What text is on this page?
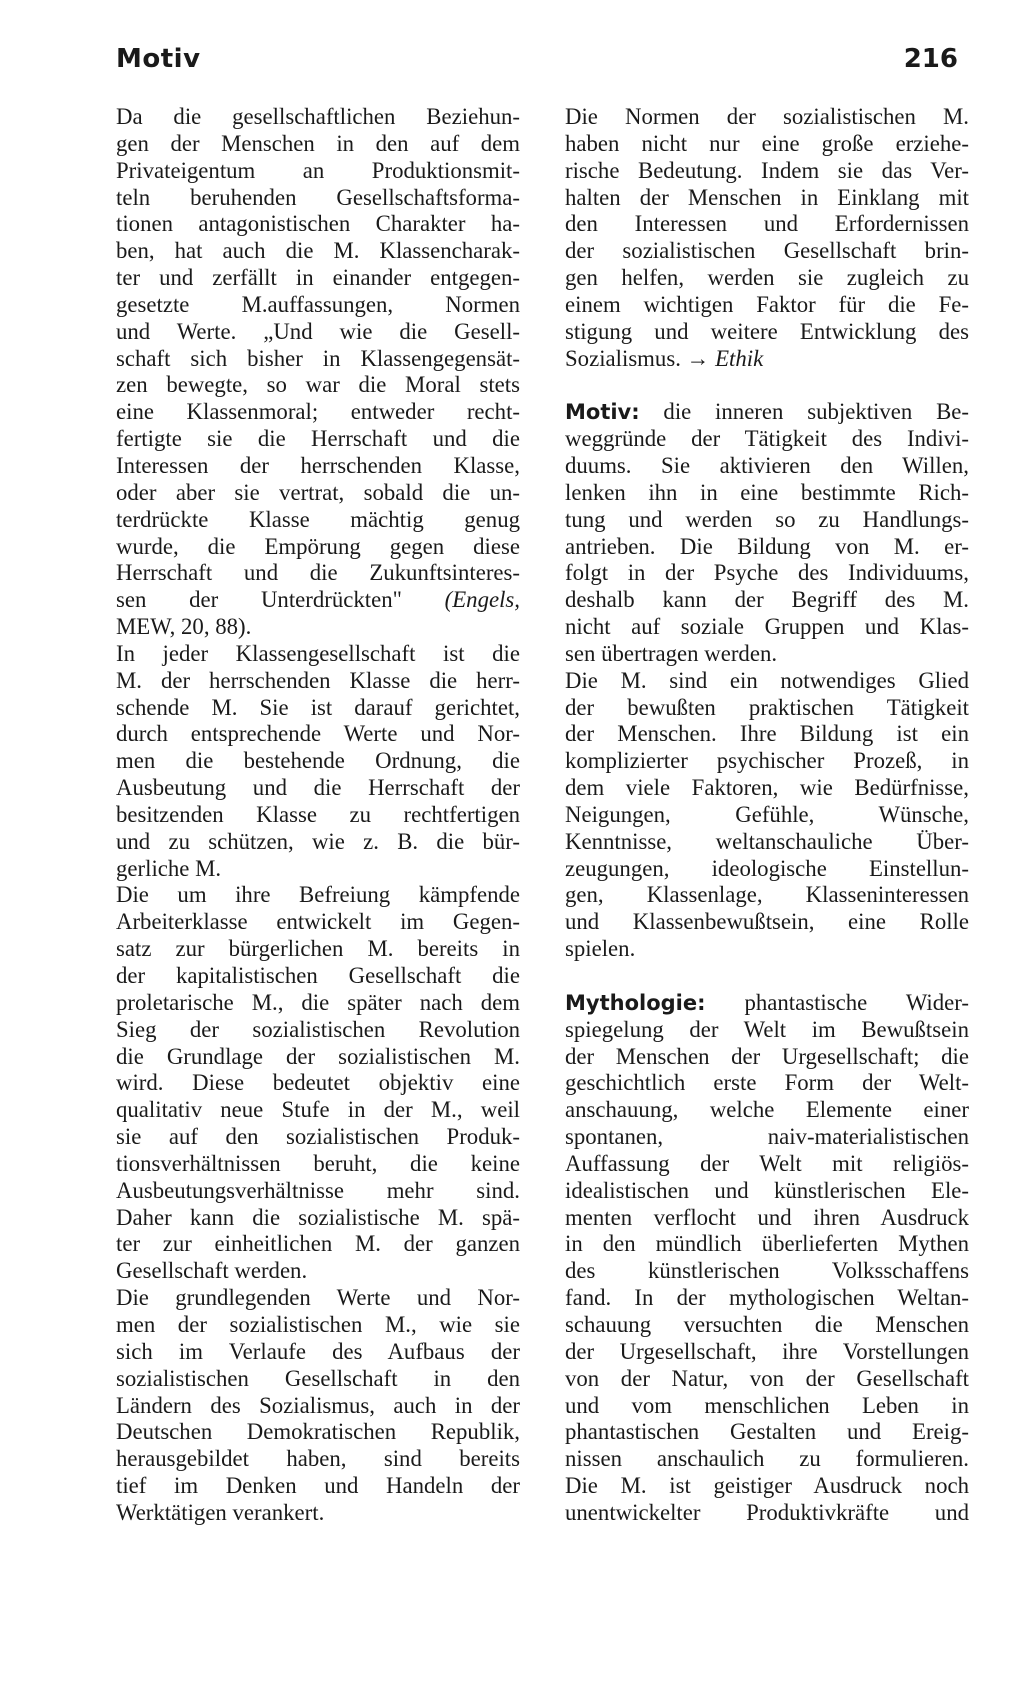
Motiv	216
Da die gesellschaftlichen Beziehun-
gen der Menschen in den auf dem
Privateigentum an Produktionsmit-
teln beruhenden Gesellschaftsforma-
tionen antagonistischen Charakter ha-
ben, hat auch die M. Klassencharak-
ter und zerfällt in einander entgegen-
gesetzte M.auffassungen, Normen
und Werte. „Und wie die Gesell-
schaft sich bisher in Klassengegensät-
zen bewegte, so war die Moral stets
eine Klassenmoral; entweder recht-
fertigte sie die Herrschaft und die
Interessen der herrschenden Klasse,
oder aber sie vertrat, sobald die un-
terdrückte Klasse mächtig genug
wurde, die Empörung gegen diese
Herrschaft und die Zukunftsinteres-
sen der Unterdrückten" (Engels,
MEW, 20, 88).
In jeder Klassengesellschaft ist die
M. der herrschenden Klasse die herr-
schende M. Sie ist darauf gerichtet,
durch entsprechende Werte und Nor-
men die bestehende Ordnung, die
Ausbeutung und die Herrschaft der
besitzenden Klasse zu rechtfertigen
und zu schützen, wie z. B. die bür-
gerliche M.
Die um ihre Befreiung kämpfende
Arbeiterklasse entwickelt im Gegen-
satz zur bürgerlichen M. bereits in
der kapitalistischen Gesellschaft die
proletarische M., die später nach dem
Sieg der sozialistischen Revolution
die Grundlage der sozialistischen M.
wird. Diese bedeutet objektiv eine
qualitativ neue Stufe in der M., weil
sie auf den sozialistischen Produk-
tionsverhältnissen beruht, die keine
Ausbeutungsverhältnisse mehr sind.
Daher kann die sozialistische M. spä-
ter zur einheitlichen M. der ganzen
Gesellschaft werden.
Die grundlegenden Werte und Nor-
men der sozialistischen M., wie sie
sich im Verlaufe des Aufbaus der
sozialistischen Gesellschaft in den
Ländern des Sozialismus, auch in der
Deutschen Demokratischen Republik,
herausgebildet haben, sind bereits
tief im Denken und Handeln der
Werktätigen verankert.
Die Normen der sozialistischen M.
haben nicht nur eine große erziehe-
rische Bedeutung. Indem sie das Ver-
halten der Menschen in Einklang mit
den Interessen und Erfordernissen
der sozialistischen Gesellschaft brin-
gen helfen, werden sie zugleich zu
einem wichtigen Faktor für die Fe-
stigung und weitere Entwicklung des
Sozialismus. → Ethik
Motiv: die inneren subjektiven Be-
weggründe der Tätigkeit des Indivi-
duums. Sie aktivieren den Willen,
lenken ihn in eine bestimmte Rich-
tung und werden so zu Handlungs-
antrieben. Die Bildung von M. er-
folgt in der Psyche des Individuums,
deshalb kann der Begriff des M.
nicht auf soziale Gruppen und Klas-
sen übertragen werden.
Die M. sind ein notwendiges Glied
der bewußten praktischen Tätigkeit
der Menschen. Ihre Bildung ist ein
komplizierter psychischer Prozeß, in
dem viele Faktoren, wie Bedürfnisse,
Neigungen, Gefühle, Wünsche,
Kenntnisse, weltanschauliche Über-
zeugungen, ideologische Einstellun-
gen, Klassenlage, Klasseninteressen
und Klassenbewußtsein, eine Rolle
spielen.
Mythologie: phantastische Wider-
spiegelung der Welt im Bewußtsein
der Menschen der Urgesellschaft; die
geschichtlich erste Form der Welt-
anschauung, welche Elemente einer
spontanen, naiv-materialistischen
Auffassung der Welt mit religiös-
idealistischen und künstlerischen Ele-
menten verflocht und ihren Ausdruck
in den mündlich überlieferten Mythen
des künstlerischen Volksschaffens
fand. In der mythologischen Weltan-
schauung versuchten die Menschen
der Urgesellschaft, ihre Vorstellungen
von der Natur, von der Gesellschaft
und vom menschlichen Leben in
phantastischen Gestalten und Ereig-
nissen anschaulich zu formulieren.
Die M. ist geistiger Ausdruck noch
unentwickelter Produktivkräfte und
